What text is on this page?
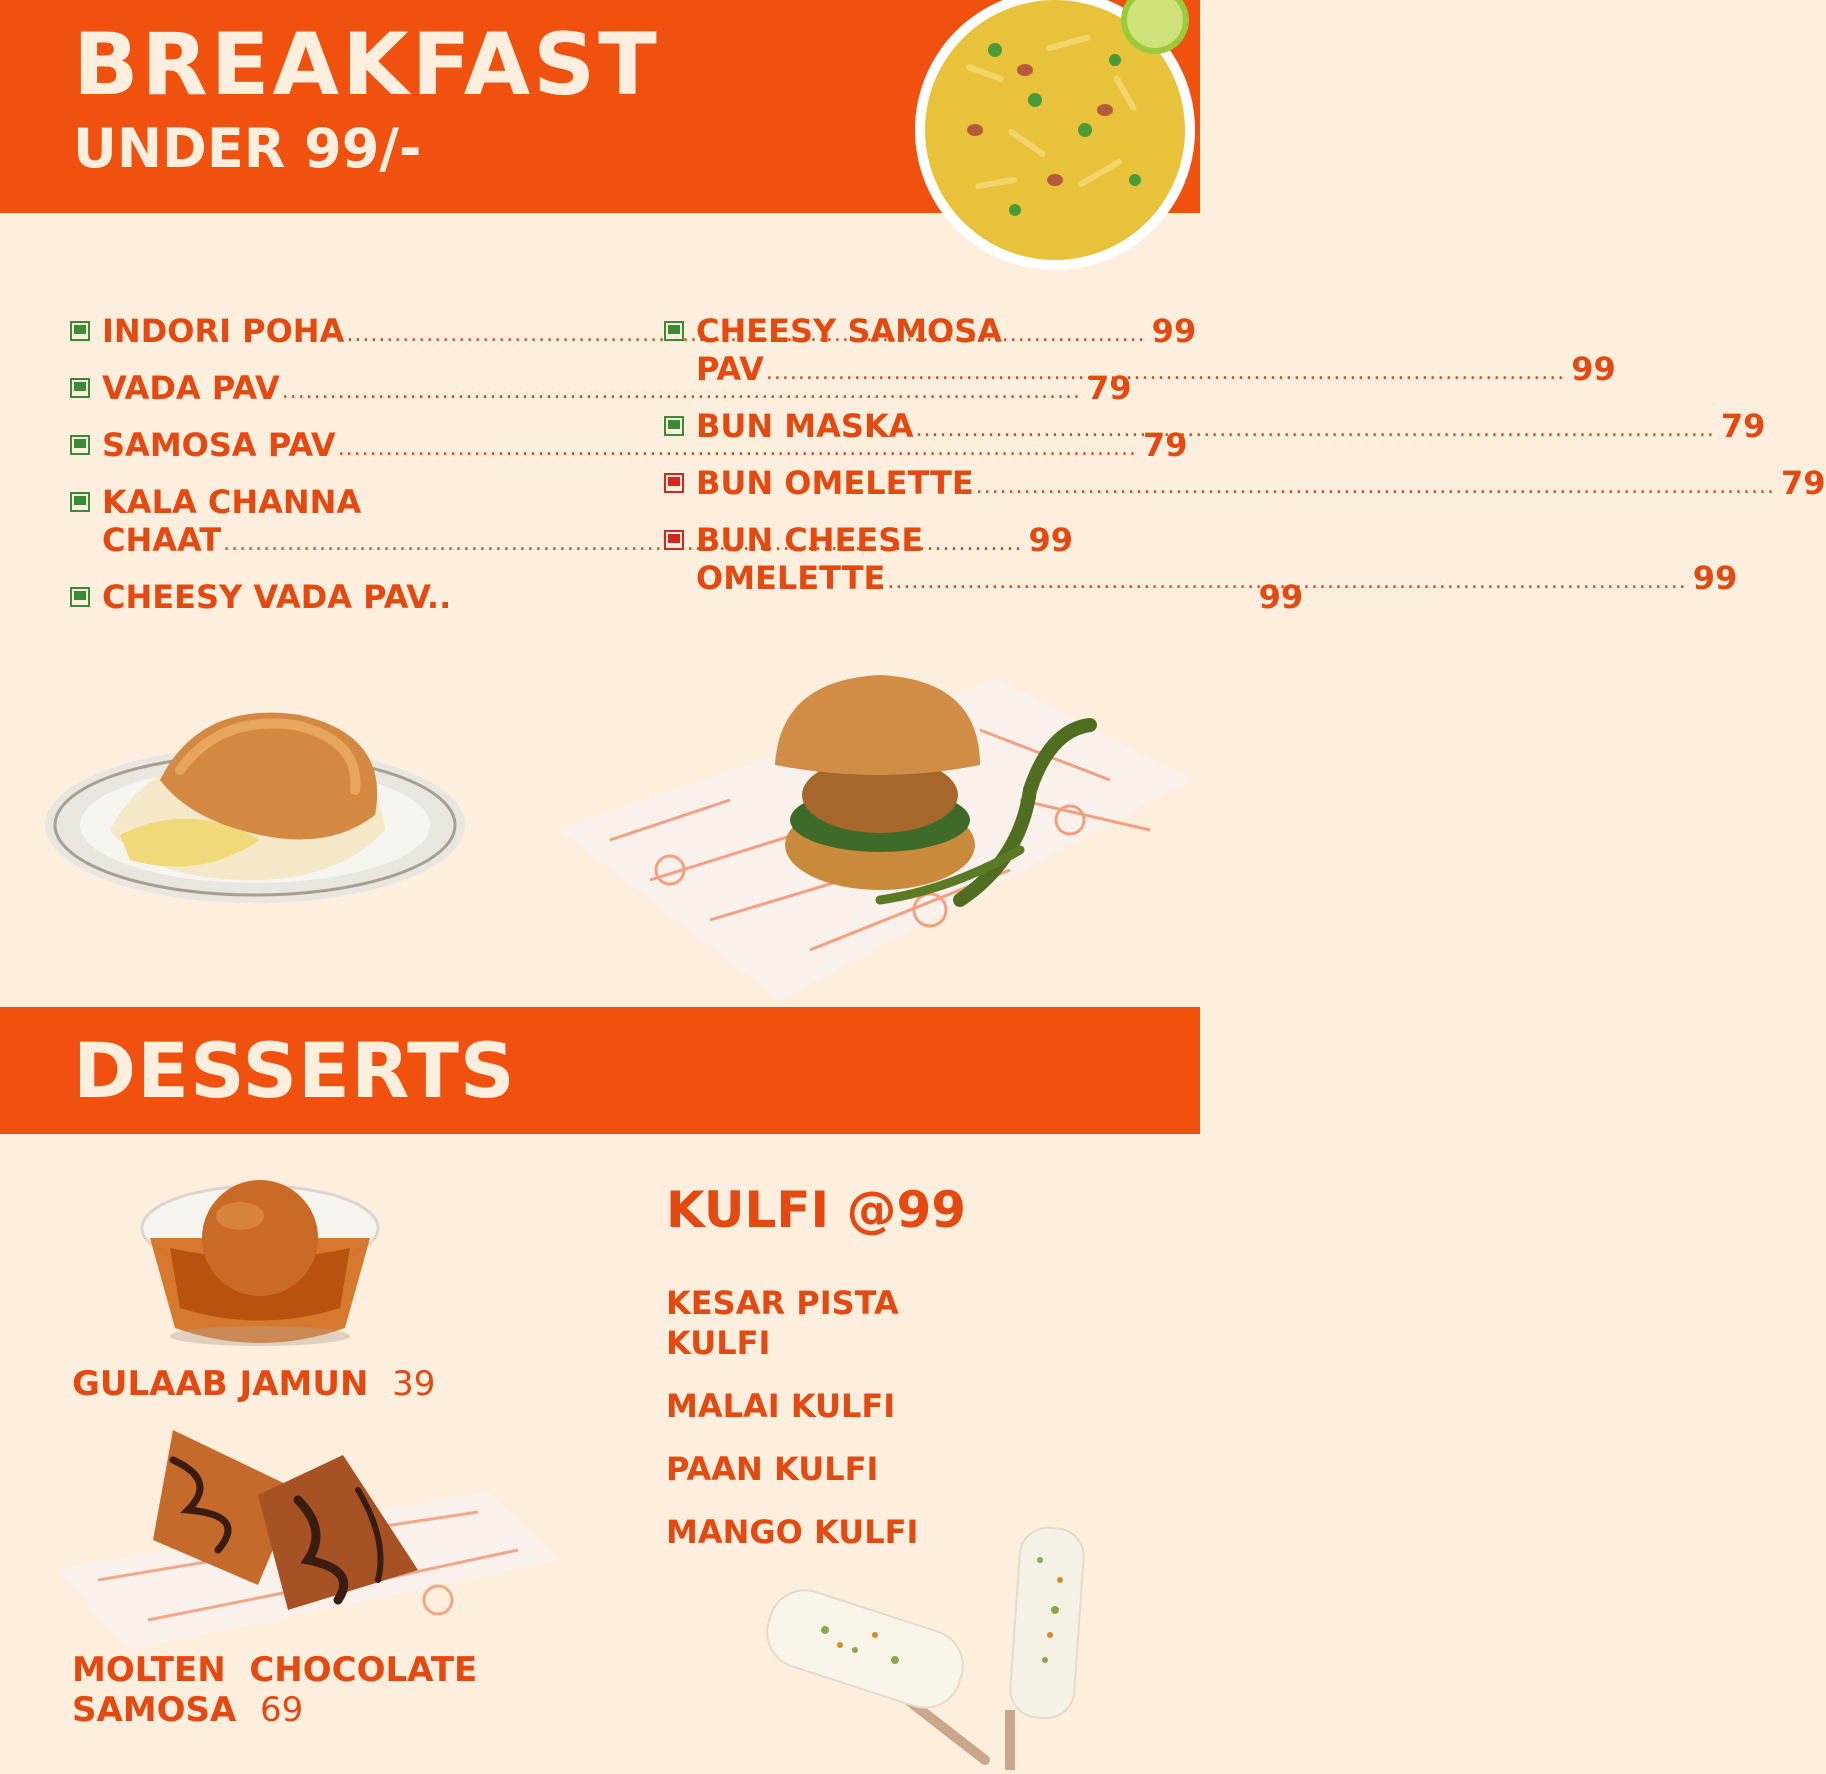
BREAKFAST
UNDER 99/-
INDORI POHA .....	99
VADA PAV .....	79
SAMOSA PAV .....	79
KALA CHANNA
CHAAT .....	99
CHEESY VADA PAV..	99
CHEESY SAMOSA
PAV .....	99
BUN MASKA .....	79
BUN OMELETTE .....	79
BUN CHEESE
OMELETTE .....	99
DESSERTS

GULAAB JAMUN 39

MOLTEN  CHOCOLATE
SAMOSA 69

KULFI @99
KESAR PISTA
KULFI
MALAI KULFI
PAAN KULFI
MANGO KULFI
